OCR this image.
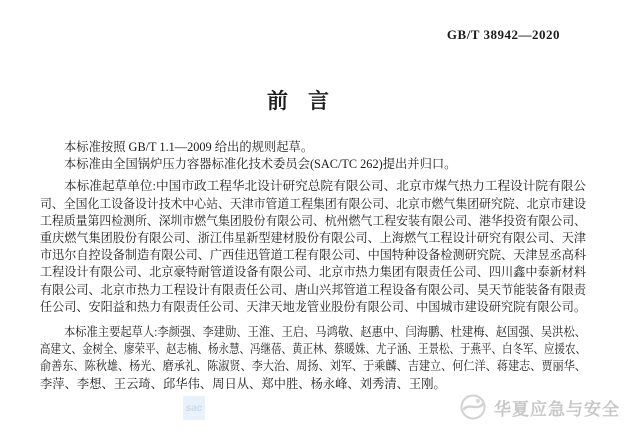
GB/T 38942—2020
前 言
本标准按照 GB/T 1.1—2009 给出的规则起草。
本标准由全国锅炉压力容器标准化技术委员会(SAC/TC 262)提出并归口。
本标准起草单位:中国市政工程华北设计研究总院有限公司、北京市煤气热力工程设计院有限公
司、全国化工设备设计技术中心站、天津市管道工程集团有限公司、北京市燃气集团研究院、北京市建设
工程质量第四检测所、深圳市燃气集团股份有限公司、杭州燃气工程安装有限公司、港华投资有限公司、
重庆燃气集团股份有限公司、浙江伟星新型建材股份有限公司、上海燃气工程设计研究有限公司、天津
市迅尔自控设备制造有限公司、广西佳迅管道工程有限公司、中国特种设备检测研究院、天津昱丞高科
工程设计有限公司、北京豪特耐管道设备有限公司、北京市热力集团有限责任公司、四川鑫中泰新材料
有限公司、北京市热力工程设计有限责任公司、唐山兴邦管道工程设备有限公司、昊天节能装备有限责
任公司、安阳益和热力有限责任公司、天津天地龙管业股份有限公司、中国城市建设研究院有限公司。
本标准主要起草人:李颜强、李建勋、王淮、王启、马鸿敬、赵惠中、闫海鹏、杜建梅、赵国强、吴洪松、
高建文、金树全、廖荣平、赵志楠、杨永慧、冯继蓓、黄正林、蔡暖姝、尤子涵、王景松、于燕平、白冬军、应援农、
俞善东、陈秋雄、杨光、磨承礼、陈淑贤、李大治、周扬、刘军、于乘麟、吉建立、何仁洋、蒋建志、贾丽华、
李萍、李想、王云琦、邱华伟、周日从、郑中胜、杨永峰、刘秀清、王刚。
sac	华夏应急与安全
